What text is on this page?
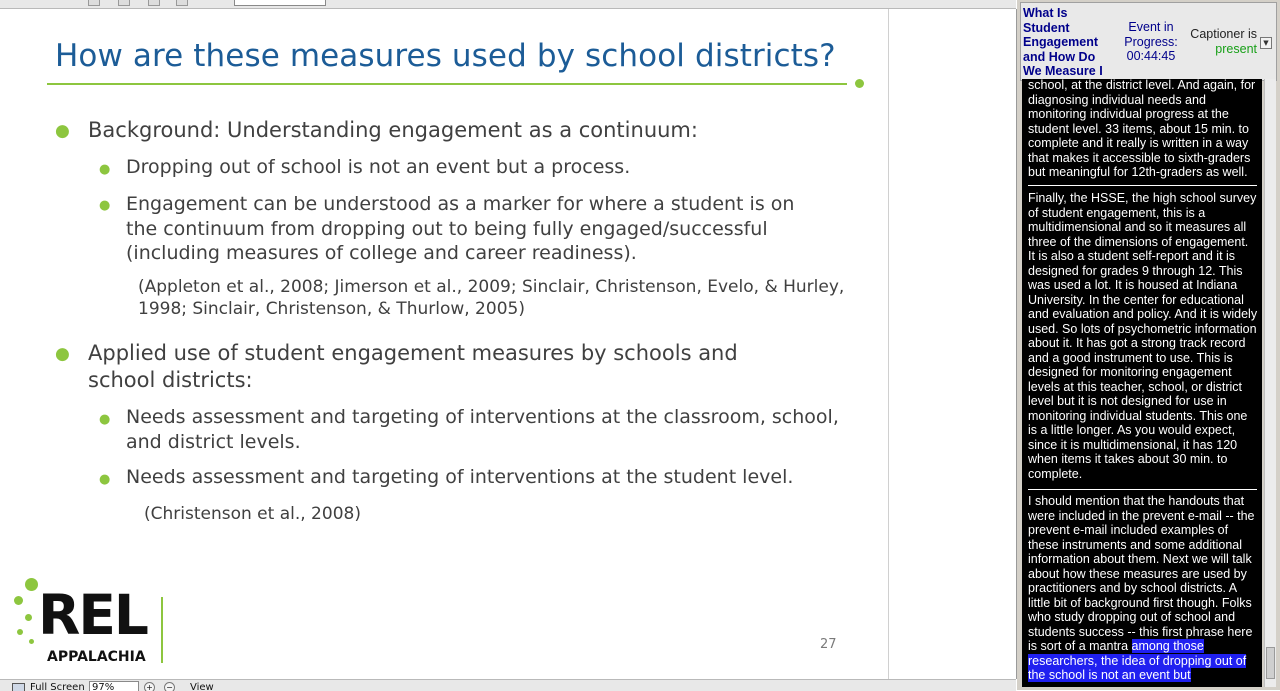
How are these measures used by school districts?
● Background: Understanding engagement as a continuum:
● Dropping out of school is not an event but a process.
● Engagement can be understood as a marker for where a student is on the continuum from dropping out to being fully engaged/successful (including measures of college and career readiness).
(Appleton et al., 2008; Jimerson et al., 2009; Sinclair, Christenson, Evelo, & Hurley, 1998; Sinclair, Christenson, & Thurlow, 2005)
● Applied use of student engagement measures by schools and school districts:
● Needs assessment and targeting of interventions at the classroom, school, and district levels.
● Needs assessment and targeting of interventions at the student level.
(Christenson et al., 2008)
27
REL
APPALACHIA
Full Screen 97%	+ − View
What Is Student Engagement and How Do We Measure I
Event in Progress: 00:44:45
Captioner is
present ▼
school, at the district level. And again, for diagnosing individual needs and monitoring individual progress at the student level. 33 items, about 15 min. to complete and it really is written in a way that makes it accessible to sixth-graders but meaningful for 12th-graders as well.
Finally, the HSSE, the high school survey of student engagement, this is a multidimensional and so it measures all three of the dimensions of engagement. It is also a student self-report and it is designed for grades 9 through 12. This was used a lot. It is housed at Indiana University. In the center for educational and evaluation and policy. And it is widely used. So lots of psychometric information about it. It has got a strong track record and a good instrument to use. This is designed for monitoring engagement levels at this teacher, school, or district level but it is not designed for use in monitoring individual students. This one is a little longer. As you would expect, since it is multidimensional, it has 120 when items it takes about 30 min. to complete.
I should mention that the handouts that were included in the prevent e-mail -- the prevent e-mail included examples of these instruments and some additional information about them. Next we will talk about how these measures are used by practitioners and by school districts. A little bit of background first though. Folks who study dropping out of school and students success -- this first phrase here is sort of a mantra among those researchers, the idea of dropping out of the school is not an event but
